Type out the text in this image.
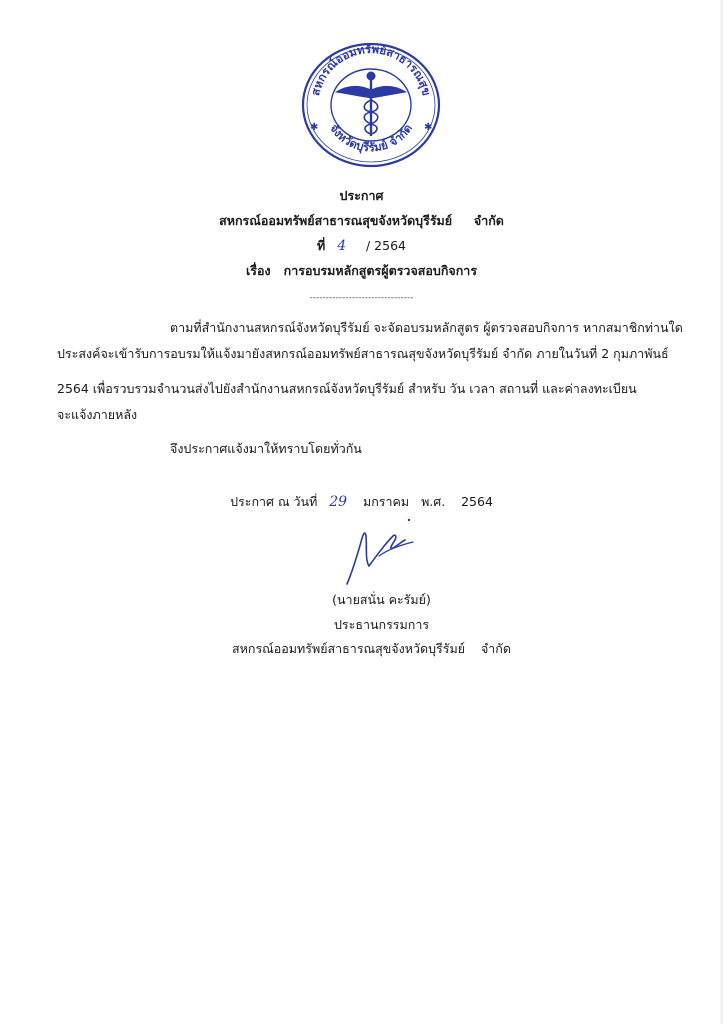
สหกรณ์ออมทรัพย์สาธารณสุข
จังหวัดบุรีรัมย์ จำกัด
✱	✱
ประกาศ
สหกรณ์ออมทรัพย์สาธารณสุขจังหวัดบุรีรัมย์ จำกัด
ที่ 4 / 2564
เรื่อง การอบรมหลักสูตรผู้ตรวจสอบกิจการ
--------------------------------
ตามที่สำนักงานสหกรณ์จังหวัดบุรีรัมย์ จะจัดอบรมหลักสูตร ผู้ตรวจสอบกิจการ หากสมาชิกท่านใด
ประสงค์จะเข้ารับการอบรมให้แจ้งมายังสหกรณ์ออมทรัพย์สาธารณสุขจังหวัดบุรีรัมย์ จำกัด ภายในวันที่ 2 กุมภาพันธ์
2564 เพื่อรวบรวมจำนวนส่งไปยังสำนักงานสหกรณ์จังหวัดบุรีรัมย์ สำหรับ วัน เวลา สถานที่ และค่าลงทะเบียน
จะแจ้งภายหลัง
จึงประกาศแจ้งมาให้ทราบโดยทั่วกัน
ประกาศ ณ วันที่ 29 มกราคม พ.ศ. 2564
(นายสนั่น คะรัมย์)
ประธานกรรมการ
สหกรณ์ออมทรัพย์สาธารณสุขจังหวัดบุรีรัมย์ จำกัด
